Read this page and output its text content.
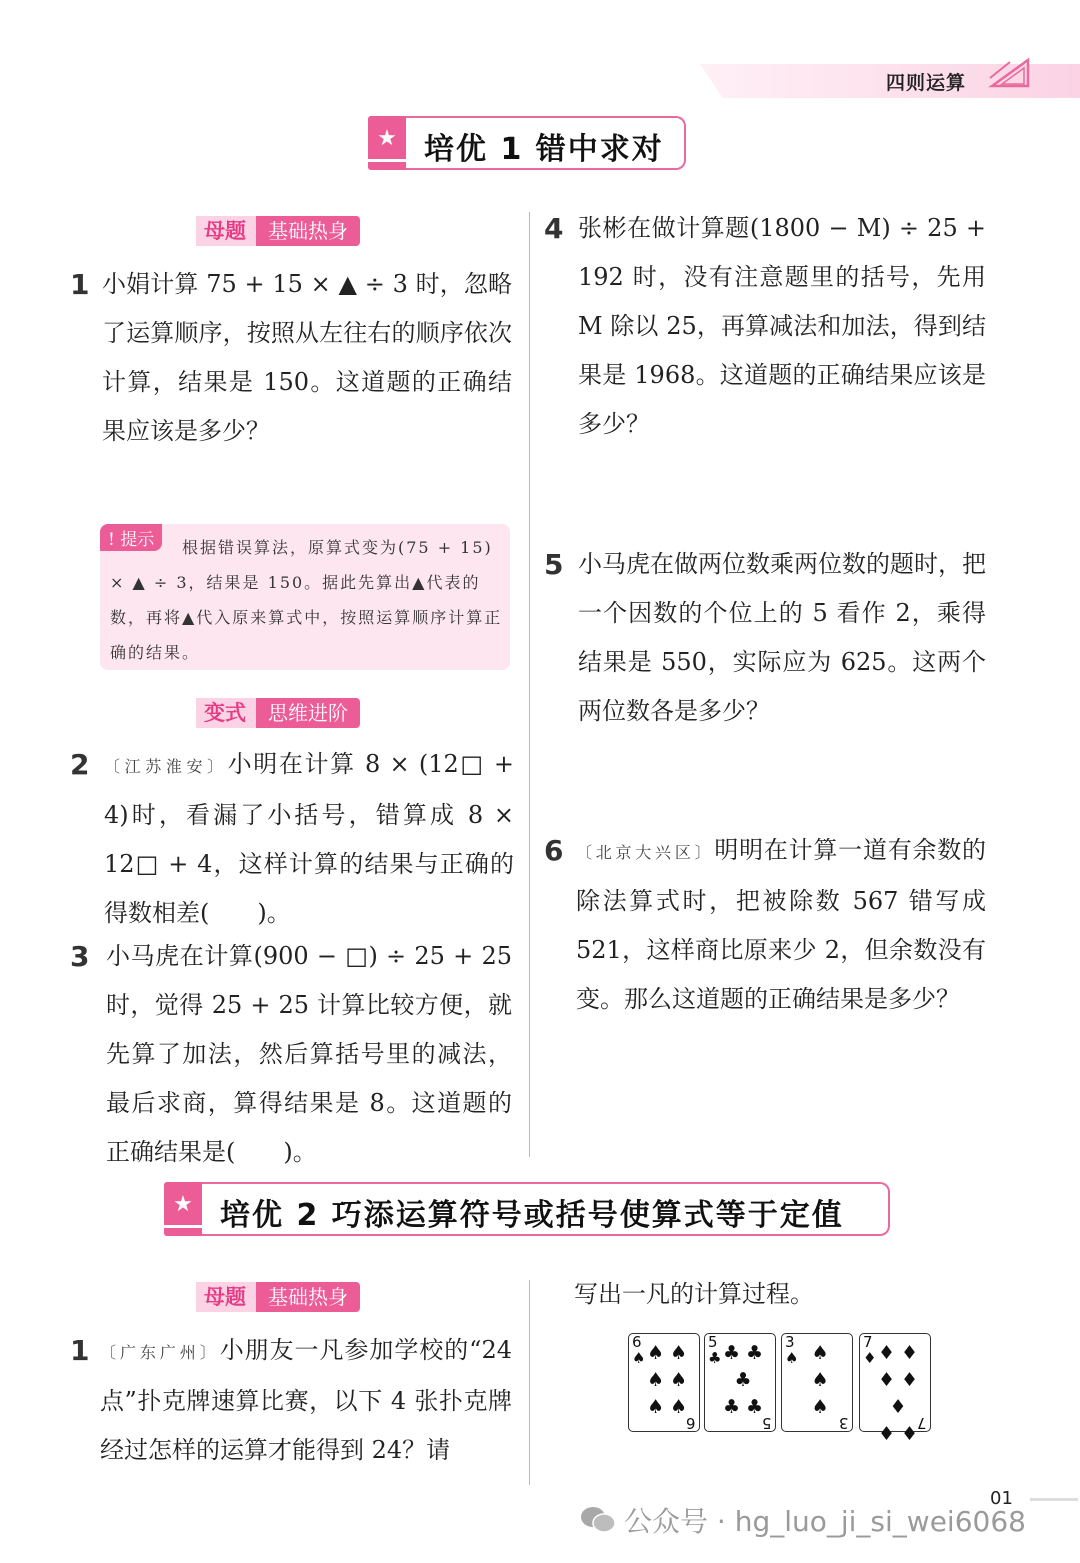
四则运算
★ 培优 1 错中求对
母题	基础热身
1 小娟计算 75 + 15 × ▲ ÷ 3 时，忽略了运算顺序，按照从左往右的顺序依次计算，结果是 150。这道题的正确结果应该是多少？
根据错误算法，原算式变为(75 + 15) × ▲ ÷ 3，结果是 150。据此先算出▲代表的数，再将▲代入原来算式中，按照运算顺序计算正确的结果。
! 提示
变式	思维进阶
2 〔江苏淮安〕小明在计算 8 × (12□ + 4)时，看漏了小括号，错算成 8 × 12□ + 4，这样计算的结果与正确的得数相差(　　)。
3 小马虎在计算(900 − □) ÷ 25 + 25时，觉得 25 + 25 计算比较方便，就先算了加法，然后算括号里的减法，最后求商，算得结果是 8。这道题的正确结果是(　　)。
4 张彬在做计算题(1800 − M) ÷ 25 + 192 时，没有注意题里的括号，先用 M 除以 25，再算减法和加法，得到结果是 1968。这道题的正确结果应该是多少？
5 小马虎在做两位数乘两位数的题时，把一个因数的个位上的 5 看作 2，乘得结果是 550，实际应为 625。这两个两位数各是多少？
6 〔北京大兴区〕明明在计算一道有余数的除法算式时，把被除数 567 错写成 521，这样商比原来少 2，但余数没有变。那么这道题的正确结果是多少？
★ 培优 2 巧添运算符号或括号使算式等于定值
母题	基础热身
1 〔广东广州〕小朋友一凡参加学校的“24 点”扑克牌速算比赛，以下 4 张扑克牌经过怎样的运算才能得到 24？请
写出一凡的计算过程。
6
♠ ♠ ♠
♠ ♠
♠ ♠
6
5
♣ ♣ ♣
♣
♣ ♣
5
3
♠ ♠
♠
♠
3
7
♦ ♦ ♦
♦ ♦ ♦
♦ ♦ 7
01
公众号 · hg_luo_ji_si_wei6068
